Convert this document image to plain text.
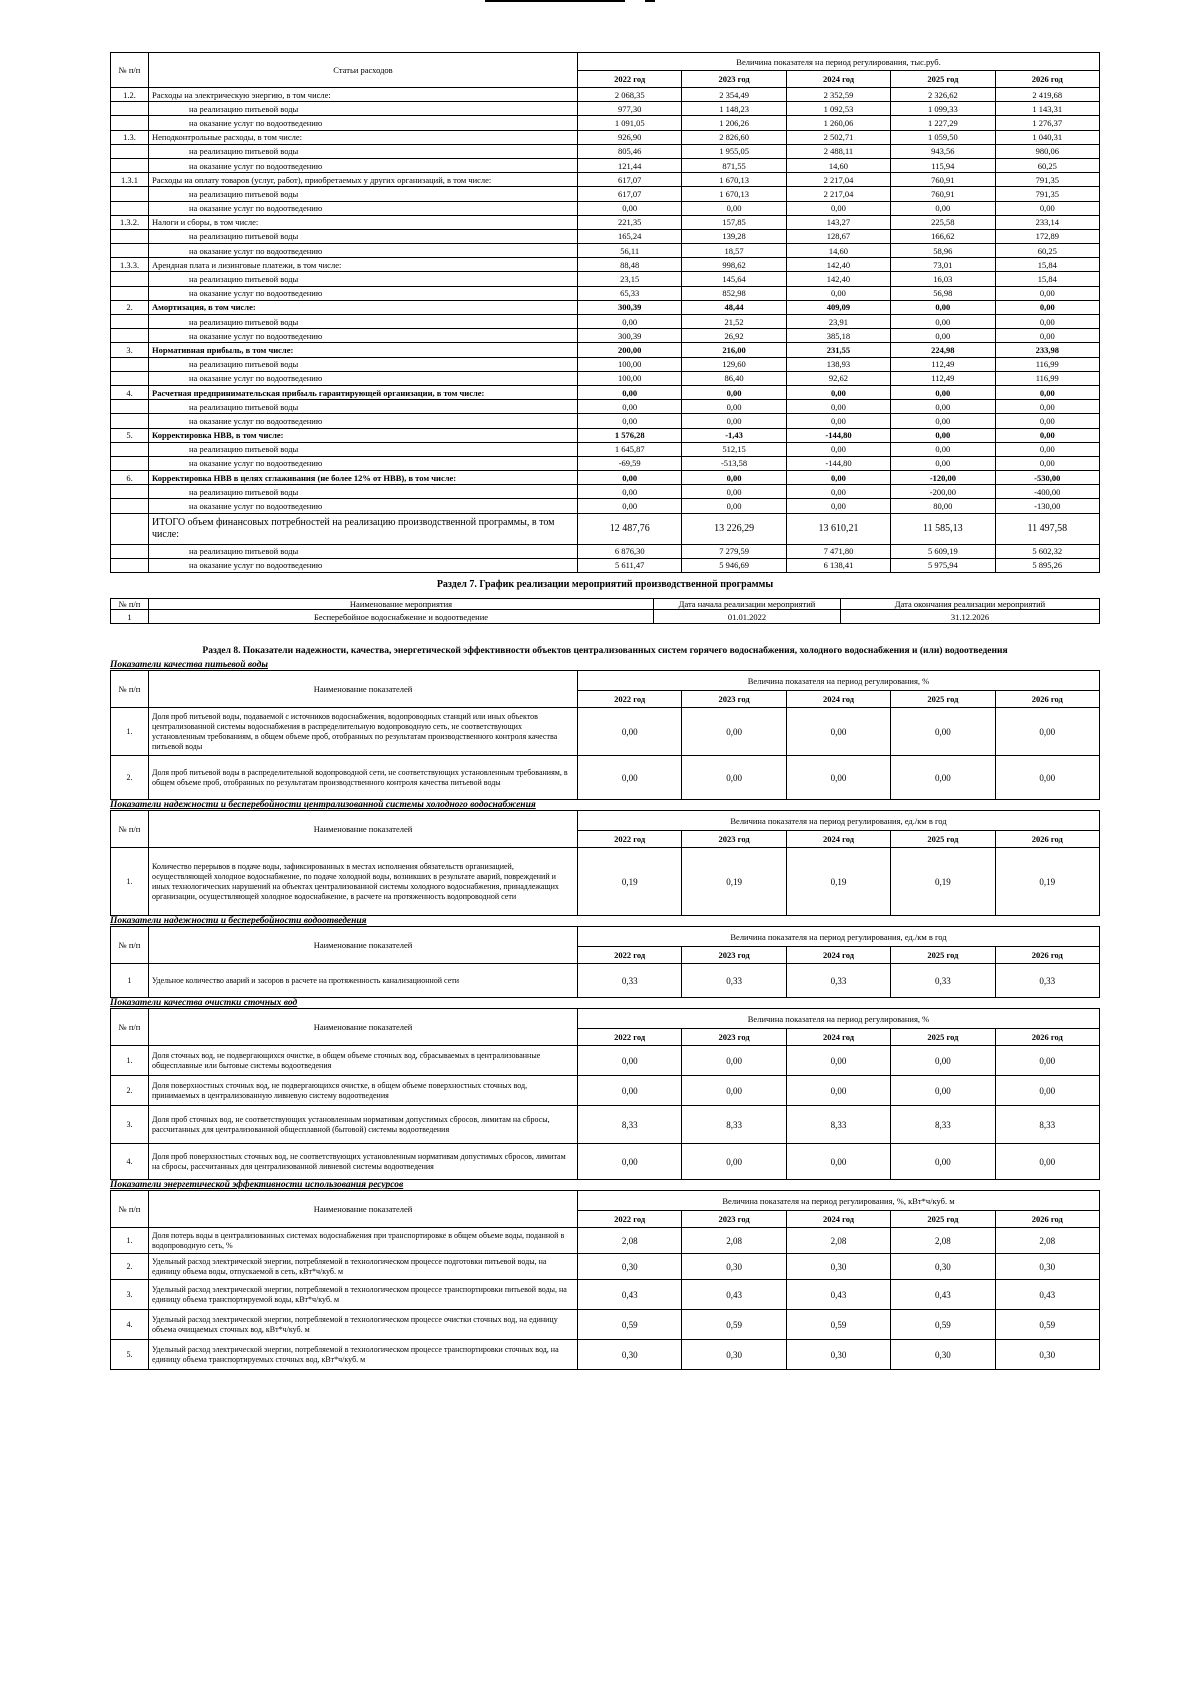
№ п/п	Статьи расходов	Величина показателя на период регулирования, тыс.руб.				
		2022 год	2023 год	2024 год	2025 год	2026 год
1.2.	Расходы на электрическую энергию, в том числе:	2 068,35	2 354,49	2 352,59	2 326,62	2 419,68
	на реализацию питьевой воды	977,30	1 148,23	1 092,53	1 099,33	1 143,31
	на оказание услуг по водоотведению	1 091,05	1 206,26	1 260,06	1 227,29	1 276,37
1.3.	Неподконтрольные расходы, в том числе:	926,90	2 826,60	2 502,71	1 059,50	1 040,31
	на реализацию питьевой воды	805,46	1 955,05	2 488,11	943,56	980,06
	на оказание услуг по водоотведению	121,44	871,55	14,60	115,94	60,25
1.3.1	Расходы на оплату товаров (услуг, работ), приобретаемых у других организаций, в том числе:	617,07	1 670,13	2 217,04	760,91	791,35
	на реализацию питьевой воды	617,07	1 670,13	2 217,04	760,91	791,35
	на оказание услуг по водоотведению	0,00	0,00	0,00	0,00	0,00
1.3.2.	Налоги и сборы, в том числе:	221,35	157,85	143,27	225,58	233,14
	на реализацию питьевой воды	165,24	139,28	128,67	166,62	172,89
	на оказание услуг по водоотведению	56,11	18,57	14,60	58,96	60,25
1.3.3.	Арендная плата и лизинговые платежи, в том числе:	88,48	998,62	142,40	73,01	15,84
	на реализацию питьевой воды	23,15	145,64	142,40	16,03	15,84
	на оказание услуг по водоотведению	65,33	852,98	0,00	56,98	0,00
2.	Амортизация, в том числе:	300,39	48,44	409,09	0,00	0,00
	на реализацию питьевой воды	0,00	21,52	23,91	0,00	0,00
	на оказание услуг по водоотведению	300,39	26,92	385,18	0,00	0,00
3.	Нормативная прибыль, в том числе:	200,00	216,00	231,55	224,98	233,98
	на реализацию питьевой воды	100,00	129,60	138,93	112,49	116,99
	на оказание услуг по водоотведению	100,00	86,40	92,62	112,49	116,99
4.	Расчетная предпринимательская прибыль гарантирующей организации, в том числе:	0,00	0,00	0,00	0,00	0,00
	на реализацию питьевой воды	0,00	0,00	0,00	0,00	0,00
	на оказание услуг по водоотведению	0,00	0,00	0,00	0,00	0,00
5.	Корректировка НВВ, в том числе:	1 576,28	-1,43	-144,80	0,00	0,00
	на реализацию питьевой воды	1 645,87	512,15	0,00	0,00	0,00
	на оказание услуг по водоотведению	-69,59	-513,58	-144,80	0,00	0,00
6.	Корректировка НВВ в целях сглаживания (не более 12% от НВВ), в том числе:	0,00	0,00	0,00	-120,00	-530,00
	на реализацию питьевой воды	0,00	0,00	0,00	-200,00	-400,00
	на оказание услуг по водоотведению	0,00	0,00	0,00	80,00	-130,00
	ИТОГО объем финансовых потребностей на реализацию производственной программы, в том числе:	12 487,76	13 226,29	13 610,21	11 585,13	11 497,58
	на реализацию питьевой воды	6 876,30	7 279,59	7 471,80	5 609,19	5 602,32
	на оказание услуг по водоотведению	5 611,47	5 946,69	6 138,41	5 975,94	5 895,26

Раздел 7. График реализации мероприятий производственной программы

№ п/п	Наименование мероприятия	Дата начала реализации мероприятий	Дата окончания реализации мероприятий
1	Бесперебойное водоснабжение и водоотведение	01.01.2022	31.12.2026

Раздел 8. Показатели надежности, качества, энергетической эффективности объектов централизованных систем горячего водоснабжения, холодного водоснабжения и (или) водоотведения

Показатели качества питьевой воды

№ п/п	Наименование показателей	Величина показателя на период регулирования, %				
		2022 год	2023 год	2024 год	2025 год	2026 год
1.	Доля проб питьевой воды, подаваемой с источников водоснабжения, водопроводных станций или иных объектов централизованной системы водоснабжения в распределительную водопроводную сеть, не соответствующих установленным требованиям, в общем объеме проб, отобранных по результатам производственного контроля качества питьевой воды	0,00	0,00	0,00	0,00	0,00
2.	Доля проб питьевой воды в распределительной водопроводной сети, не соответствующих установленным требованиям, в общем объеме проб, отобранных по результатам производственного контроля качества питьевой воды	0,00	0,00	0,00	0,00	0,00

Показатели надежности и бесперебойности централизованной системы холодного водоснабжения

№ п/п	Наименование показателей	Величина показателя на период регулирования, ед./км в год				
		2022 год	2023 год	2024 год	2025 год	2026 год
1.	Количество перерывов в подаче воды, зафиксированных в местах исполнения обязательств организацией, осуществляющей холодное водоснабжение, по подаче холодной воды, возникших в результате аварий, повреждений и иных технологических нарушений на объектах централизованной системы холодного водоснабжения, принадлежащих организации, осуществляющей холодное водоснабжение, в расчете на протяженность водопроводной сети	0,19	0,19	0,19	0,19	0,19

Показатели надежности и бесперебойности водоотведения

№ п/п	Наименование показателей	Величина показателя на период регулирования, ед./км в год				
		2022 год	2023 год	2024 год	2025 год	2026 год
1	Удельное количество аварий и засоров в расчете на протяженность канализационной сети	0,33	0,33	0,33	0,33	0,33

Показатели качества очистки сточных вод

№ п/п	Наименование показателей	Величина показателя на период регулирования, %				
		2022 год	2023 год	2024 год	2025 год	2026 год
1.	Доля сточных вод, не подвергающихся очистке, в общем объеме сточных вод, сбрасываемых в централизованные общесплавные или бытовые системы водоотведения	0,00	0,00	0,00	0,00	0,00
2.	Доля поверхностных сточных вод, не подвергающихся очистке, в общем объеме поверхностных сточных вод, принимаемых в централизованную ливневую систему водоотведения	0,00	0,00	0,00	0,00	0,00
3.	Доля проб сточных вод, не соответствующих установленным нормативам допустимых сбросов, лимитам на сбросы, рассчитанных для централизованной общесплавной (бытовой) системы водоотведения	8,33	8,33	8,33	8,33	8,33
4.	Доля проб поверхностных сточных вод, не соответствующих установленным нормативам допустимых сбросов, лимитам на сбросы, рассчитанных для централизованной ливневой системы водоотведения	0,00	0,00	0,00	0,00	0,00

Показатели энергетической эффективности использования ресурсов

№ п/п	Наименование показателей	Величина показателя на период регулирования, %, кВт*ч/куб. м				
		2022 год	2023 год	2024 год	2025 год	2026 год
1.	Доля потерь воды в централизованных системах водоснабжения при транспортировке в общем объеме воды, поданной в водопроводную сеть, %	2,08	2,08	2,08	2,08	2,08
2.	Удельный расход электрической энергии, потребляемой в технологическом процессе подготовки питьевой воды, на единицу объема воды, отпускаемой в сеть, кВт*ч/куб. м	0,30	0,30	0,30	0,30	0,30
3.	Удельный расход электрической энергии, потребляемой в технологическом процессе транспортировки питьевой воды, на единицу объема транспортируемой воды, кВт*ч/куб. м	0,43	0,43	0,43	0,43	0,43
4.	Удельный расход электрической энергии, потребляемой в технологическом процессе очистки сточных вод, на единицу объема очищаемых сточных вод, кВт*ч/куб. м	0,59	0,59	0,59	0,59	0,59
5.	Удельный расход электрической энергии, потребляемой в технологическом процессе транспортировки сточных вод, на единицу объема транспортируемых сточных вод, кВт*ч/куб. м	0,30	0,30	0,30	0,30	0,30
